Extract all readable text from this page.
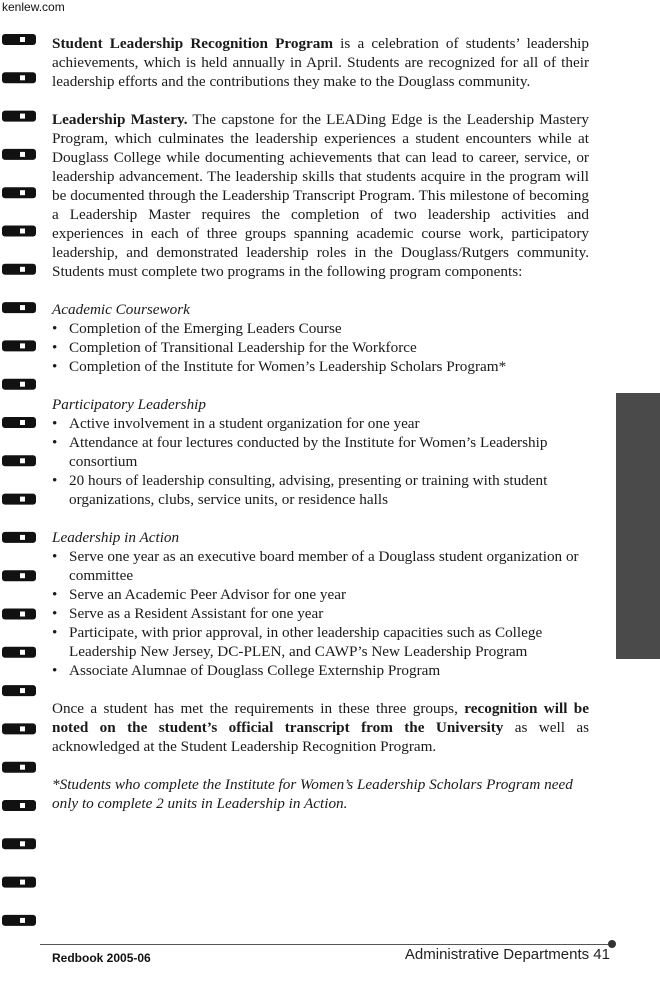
kenlew.com

Student Leadership Recognition Program is a celebration of students’ leadership achievements, which is held annually in April. Students are recognized for all of their leadership efforts and the contributions they make to the Douglass community.

Leadership Mastery. The capstone for the LEADing Edge is the Leadership Mastery Program, which culminates the leadership experiences a student encounters while at Douglass College while documenting achievements that can lead to career, service, or leadership advancement. The leadership skills that students acquire in the program will be documented through the Leadership Transcript Program. This milestone of becoming a Leadership Master requires the completion of two leadership activities and experiences in each of three groups spanning academic course work, participatory leadership, and demonstrated leadership roles in the Douglass/Rutgers community. Students must complete two programs in the following program components:

Academic Coursework
• Completion of the Emerging Leaders Course
• Completion of Transitional Leadership for the Workforce
• Completion of the Institute for Women’s Leadership Scholars Program*
Participatory Leadership
• Active involvement in a student organization for one year
• Attendance at four lectures conducted by the Institute for Women’s Leadership consortium
• 20 hours of leadership consulting, advising, presenting or training with student organizations, clubs, service units, or residence halls
Leadership in Action
• Serve one year as an executive board member of a Douglass student organization or committee
• Serve an Academic Peer Advisor for one year
• Serve as a Resident Assistant for one year
• Participate, with prior approval, in other leadership capacities such as College Leadership New Jersey, DC-PLEN, and CAWP’s New Leadership Program
• Associate Alumnae of Douglass College Externship Program

Once a student has met the requirements in these three groups, recognition will be noted on the student’s official transcript from the University as well as acknowledged at the Student Leadership Recognition Program.

*Students who complete the Institute for Women’s Leadership Scholars Program need only to complete 2 units in Leadership in Action.

Redbook 2005-06	Administrative Departments 41
